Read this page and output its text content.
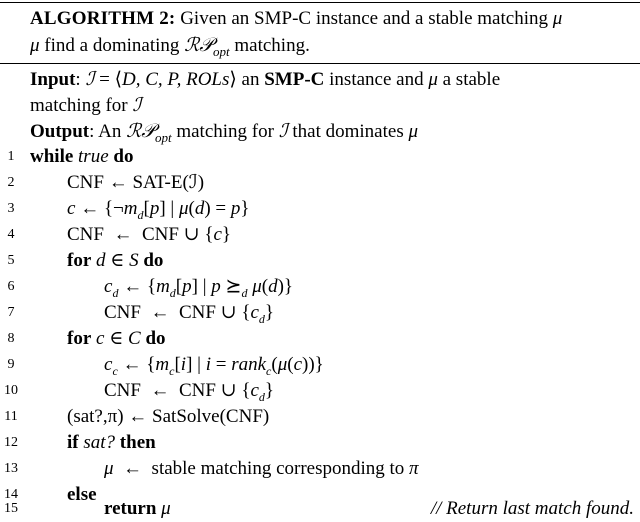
ALGORITHM 2: Given an SMP-C instance and a stable matching μ
μ find a dominating ℛ𝒫$_{opt}$ matching.
Input: ℐ = ⟨D, C, P, ROLs⟩ an SMP-C instance and μ a stable
matching for ℐ
Output: An ℛ𝒫$_{opt}$ matching for ℐ that dominates μ
1 while true do
2	CNF ← SAT-E(ℐ)
3	c ← {$\neg m_d[p]$ | μ(d) = p}
4	CNF  ←  CNF ∪ {c}
5	for d ∈ S do
6	$c_d$ ← {$m_d[p]$ | p $⪰_d$ μ(d)}
7	CNF  ←  CNF ∪ $\{c_d\}$
8	for c ∈ C do
9	$c_c$ ← {$m_c[i]$ | i = rank$_c$(μ(c))}
10	CNF  ←  CNF ∪ $\{c_d\}$
11	(sat?,π) ← SatSolve(CNF)
12	if sat? then
13	μ  ←  stable matching corresponding to π
14	else
15	return μ	// Return last match found.
